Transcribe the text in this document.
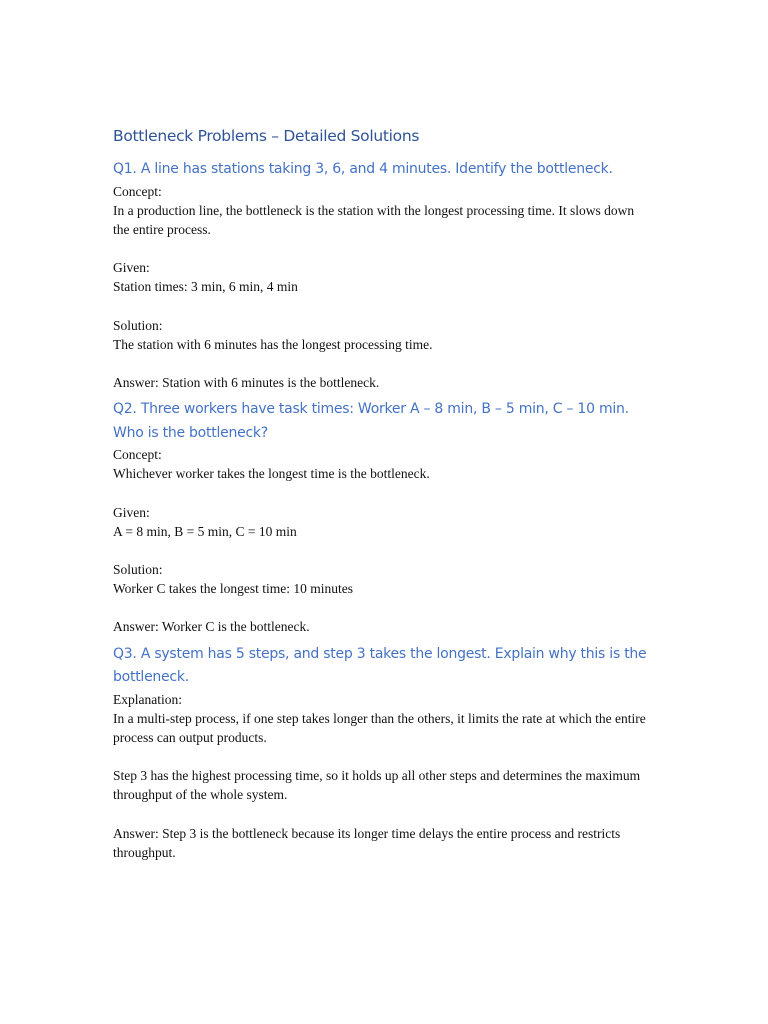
Bottleneck Problems – Detailed Solutions
Q1. A line has stations taking 3, 6, and 4 minutes. Identify the bottleneck.

Concept:

In a production line, the bottleneck is the station with the longest processing time. It slows down the entire process.

Given:

Station times: 3 min, 6 min, 4 min

Solution:

The station with 6 minutes has the longest processing time.

Answer: Station with 6 minutes is the bottleneck.

Q2. Three workers have task times: Worker A – 8 min, B – 5 min, C – 10 min. Who is the bottleneck?

Concept:

Whichever worker takes the longest time is the bottleneck.

Given:

A = 8 min, B = 5 min, C = 10 min

Solution:

Worker C takes the longest time: 10 minutes

Answer: Worker C is the bottleneck.

Q3. A system has 5 steps, and step 3 takes the longest. Explain why this is the bottleneck.

Explanation:

In a multi-step process, if one step takes longer than the others, it limits the rate at which the entire process can output products.

Step 3 has the highest processing time, so it holds up all other steps and determines the maximum throughput of the whole system.

Answer: Step 3 is the bottleneck because its longer time delays the entire process and restricts throughput.
